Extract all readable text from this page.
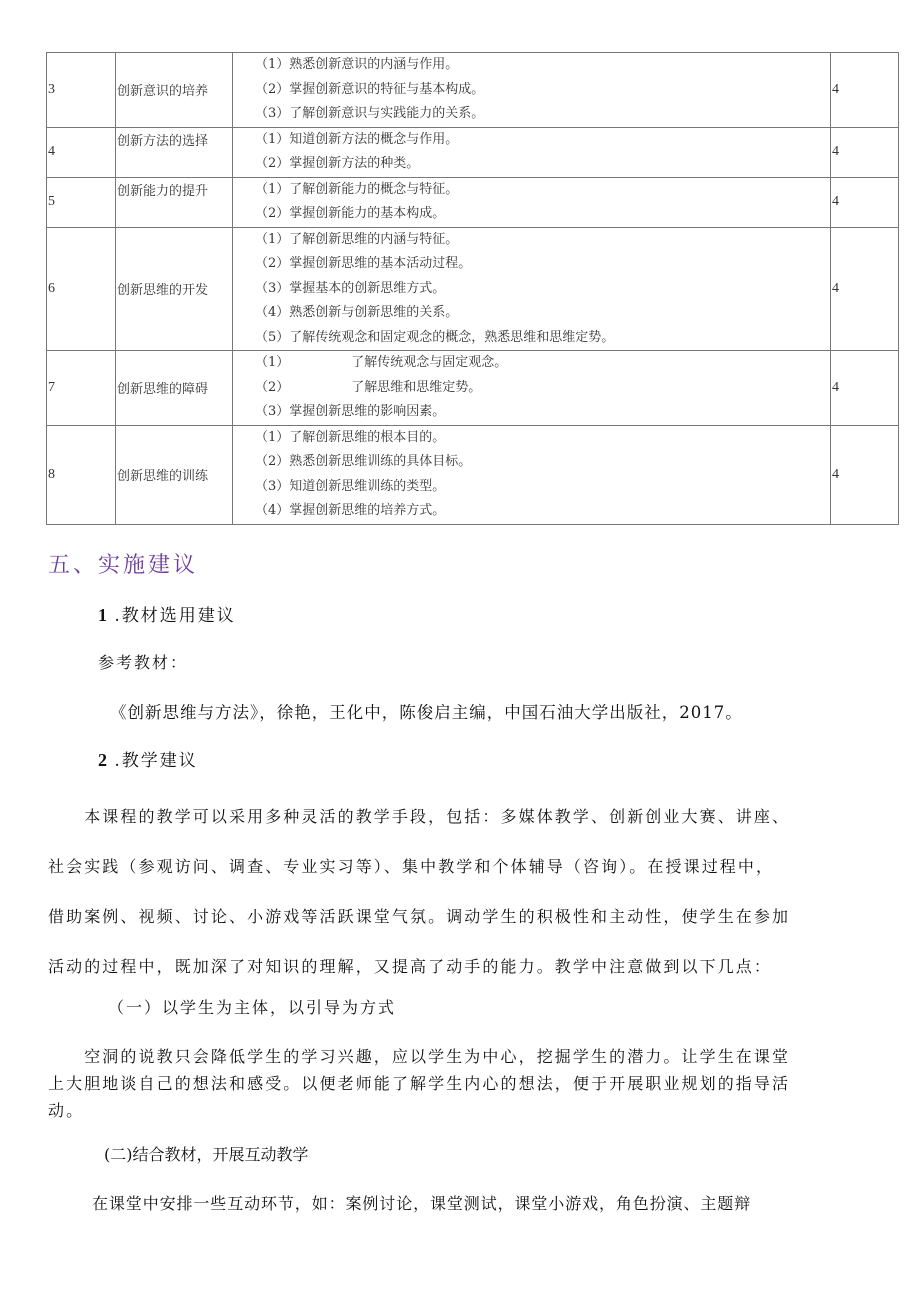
3	创新意识的培养	（1）熟悉创新意识的内涵与作用。
（2）掌握创新意识的特征与基本构成。
（3）了解创新意识与实践能力的关系。	4
4	创新方法的选择	（1）知道创新方法的概念与作用。
（2）掌握创新方法的种类。	4
5	创新能力的提升	（1）了解创新能力的概念与特征。
（2）掌握创新能力的基本构成。	4
6	创新思维的开发	（1）了解创新思维的内涵与特征。
（2）掌握创新思维的基本活动过程。
（3）掌握基本的创新思维方式。
（4）熟悉创新与创新思维的关系。
（5）了解传统观念和固定观念的概念，熟悉思维和思维定势。	4
7	创新思维的障碍	（1） 了解传统观念与固定观念。
（2） 了解思维和思维定势。
（3）掌握创新思维的影响因素。	4
8	创新思维的训练	（1）了解创新思维的根本目的。
（2）熟悉创新思维训练的具体目标。
（3）知道创新思维训练的类型。
（4）掌握创新思维的培养方式。	4
五、实施建议
1 .教材选用建议
参考教材：
《创新思维与方法》，徐艳，王化中，陈俊启主编，中国石油大学出版社，2017。
2 .教学建议
　　本课程的教学可以采用多种灵活的教学手段，包括：多媒体教学、创新创业大赛、讲座、
社会实践（参观访问、调查、专业实习等）、集中教学和个体辅导（咨询）。在授课过程中，
借助案例、视频、讨论、小游戏等活跃课堂气氛。调动学生的积极性和主动性，使学生在参加
活动的过程中，既加深了对知识的理解，又提高了动手的能力。教学中注意做到以下几点：
（一）以学生为主体，以引导为方式
　　空洞的说教只会降低学生的学习兴趣，应以学生为中心，挖掘学生的潜力。让学生在课堂
上大胆地谈自己的想法和感受。以便老师能了解学生内心的想法，便于开展职业规划的指导活
动。
(二)结合教材，开展互动教学
在课堂中安排一些互动环节，如：案例讨论，课堂测试，课堂小游戏，角色扮演、主题辩
